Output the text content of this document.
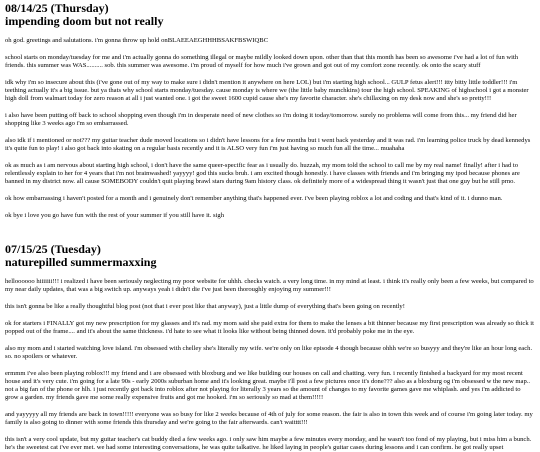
08/14/25 (Thursday)
impending doom but not really

oh god. greetings and salutations. i'm gonna throw up hold onBLAEEAEGHHHBSAKFBSWIQBC

school starts on monday/tuesday for me and i'm actually gonna do something illegal or maybe mildly looked down upon. other than that this month has been so awesome i've had a lot of fun with friends. this summer was WAS.......... sob. this summer was awesome. i'm proud of myself for how much i've grown and got out of my comfort zone recently. ok onto the scary stuff

idk why i'm so insecure about this (i've gone out of my way to make sure i didn't mention it anywhere on here LOL) but i'm starting high school... GULP fetus alert!!! itty bitty little toddler!!! i'm teething actually it's a big issue. but ya thats why school starts monday/tuesday. cause monday is where we (the little baby munchkins) tour the high school. SPEAKING of highschool i got a monster high doll from walmart today for zero reason at all i just wanted one. i got the sweet 1600 cupid cause she's my favorite character. she's chillaxing on my desk now and she's so pretty!!!

i also have been putting off back to school shopping even though i'm in desperate need of new clothes so i'm doing it today/tomorrow. surely no problems will come from this... my friend did her shopping like 3 weeks ago i'm so embarrassed.

also idk if i mentioned or not??? my guitar teacher dude moved locations so i didn't have lessons for a few months but i went back yesterday and it was rad. i'm learning police truck by dead kennedys it's quite fun to play! i also got back into skating on a regular basis recently and it is ALSO very fun i'm just having so much fun all the time... muahaha

ok as much as i am nervous about starting high school, i don't have the same queer-specific fear as i usually do. huzzah, my mom told the school to call me by my real name! finally! after i had to relentlessly explain to her for 4 years that i'm not brainwashed! yayyyy! god this sucks bruh. i am excited though honestly. i have classes with friends and i'm bringing my ipod because phones are banned in my district now. all cause SOMEBODY couldn't quit playing brawl stars during 9am history class. ok definitely more of a widespread thing it wasn't just that one guy but he still prno.

ok how embarrassing i haven't posted for a month and i genuinely don't remember anything that's happened ever. i've been playing roblox a lot and coding and that's kind of it. i dunno man.

ok bye i love you go have fun with the rest of your summer if you still have it. sigh

07/15/25 (Tuesday)
naturepilled summermaxxing

helloooooo hiiiiiii!!! i realized i have been seriously neglecting my poor website for uhhh. checks watch. a very long time. in my mind at least. i think it's really only been a few weeks, but compared to my near daily updates, that was a big switch up. anyways yeah i didn't die i've just been thoroughly enjoying my summer!!!

this isn't gonna be like a really thoughtful blog post (not that i ever post like that anyway), just a little dump of everything that's been going on recently!

ok for starters i FINALLY got my new prescription for my glasses and it's rad. my mom said she paid extra for them to make the lenses a bit thinner because my first prescription was already so thick it popped out of the frame.... and it's about the same thickness. i'd hate to see what it looks like without being thinned down. it'd probably poke me in the eye.

also my mom and i started watching love island. i'm obsessed with chelley she's literally my wife. we're only on like episode 4 though because ohhh we're so busyyy and they're like an hour long each. so. no spoilers or whatever.

ermmm i've also been playing roblox!!! my friend and i are obsessed with bloxburg and we like building our houses on call and chatting. very fun. i recently finished a backyard for my most recent house and it's very cute. i'm going for a late 90s - early 2000s suburban home and it's looking great. maybe i'll post a few pictures once it's done??? also as a bloxburg og i'm obsessed w the new map.. not a big fan of the phone or hlh. i just recently got back into roblox after not playing for literally 3 years so the amount of changes to my favorite games gave me whiplash. and yes i'm addicted to grow a garden. my friends gave me some really expensive fruits and got me hooked. i'm so seriously so mad at them!!!!!

and yayyyyy all my friends are back in town!!!!! everyone was so busy for like 2 weeks because of 4th of july for some reason. the fair is also in town this week and of course i'm going later today. my family is also going to dinner with some friends this thursday and we're going to the fair afterwards. can't waitttt!!!

this isn't a very cool update, but my guitar teacher's cat buddy died a few weeks ago. i only saw him maybe a few minutes every monday, and he wasn't too fond of my playing, but i miss him a bunch. he's the sweetest cat i've ever met. we had some interesting conversations, he was quite talkative. he liked laying in people's guitar cases during lessons and i can confirm. he got really upset
